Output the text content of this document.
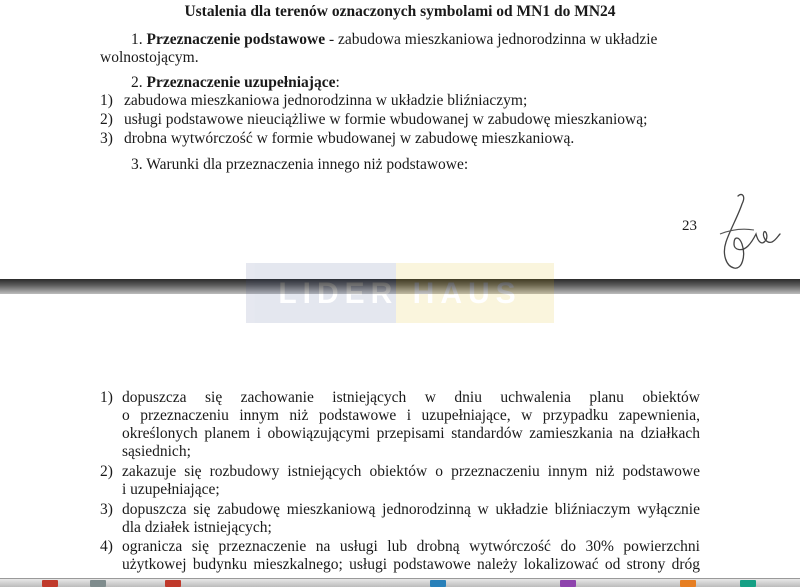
Ustalenia dla terenów oznaczonych symbolami od MN1 do MN24
1. Przeznaczenie podstawowe - zabudowa mieszkaniowa jednorodzinna w układzie
wolnostojącym.
2. Przeznaczenie uzupełniające:
1) zabudowa mieszkaniowa jednorodzinna w układzie bliźniaczym;
2) usługi podstawowe nieuciążliwe w formie wbudowanej w zabudowę mieszkaniową;
3) drobna wytwórczość w formie wbudowanej w zabudowę mieszkaniową.
3. Warunki dla przeznaczenia innego niż podstawowe:
23
1) dopuszcza się zachowanie istniejących w dniu uchwalenia planu obiektów
o przeznaczeniu innym niż podstawowe i uzupełniające, w przypadku zapewnienia,
określonych planem i obowiązującymi przepisami standardów zamieszkania na działkach
sąsiednich;
2) zakazuje się rozbudowy istniejących obiektów o przeznaczeniu innym niż podstawowe
i uzupełniające;
3) dopuszcza się zabudowę mieszkaniową jednorodzinną w układzie bliźniaczym wyłącznie
dla działek istniejących;
4) ogranicza się przeznaczenie na usługi lub drobną wytwórczość do 30% powierzchni
użytkowej budynku mieszkalnego; usługi podstawowe należy lokalizować od strony dróg
LIDER HAUS
